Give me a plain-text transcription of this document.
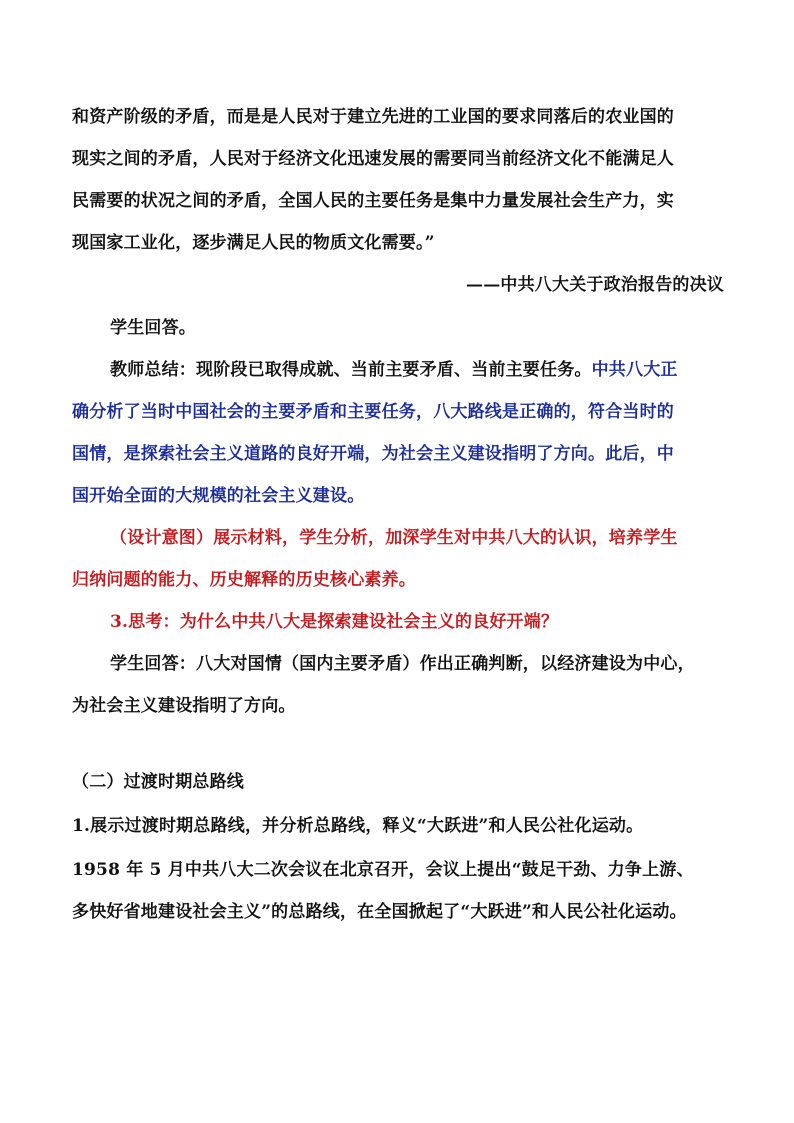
和资产阶级的矛盾，而是是人民对于建立先进的工业国的要求同落后的农业国的
现实之间的矛盾，人民对于经济文化迅速发展的需要同当前经济文化不能满足人
民需要的状况之间的矛盾，全国人民的主要任务是集中力量发展社会生产力，实
现国家工业化，逐步满足人民的物质文化需要。”
——中共八大关于政治报告的决议
学生回答。
教师总结：现阶段已取得成就、当前主要矛盾、当前主要任务。中共八大正
确分析了当时中国社会的主要矛盾和主要任务，八大路线是正确的，符合当时的
国情，是探索社会主义道路的良好开端，为社会主义建设指明了方向。此后，中
国开始全面的大规模的社会主义建设。
（设计意图）展示材料，学生分析，加深学生对中共八大的认识，培养学生
归纳问题的能力、历史解释的历史核心素养。
3.思考：为什么中共八大是探索建设社会主义的良好开端？
学生回答：八大对国情（国内主要矛盾）作出正确判断，以经济建设为中心，
为社会主义建设指明了方向。
（二）过渡时期总路线
1.展示过渡时期总路线，并分析总路线，释义“大跃进”和人民公社化运动。
1958 年 5 月中共八大二次会议在北京召开，会议上提出“鼓足干劲、力争上游、
多快好省地建设社会主义”的总路线，在全国掀起了“大跃进”和人民公社化运动。
